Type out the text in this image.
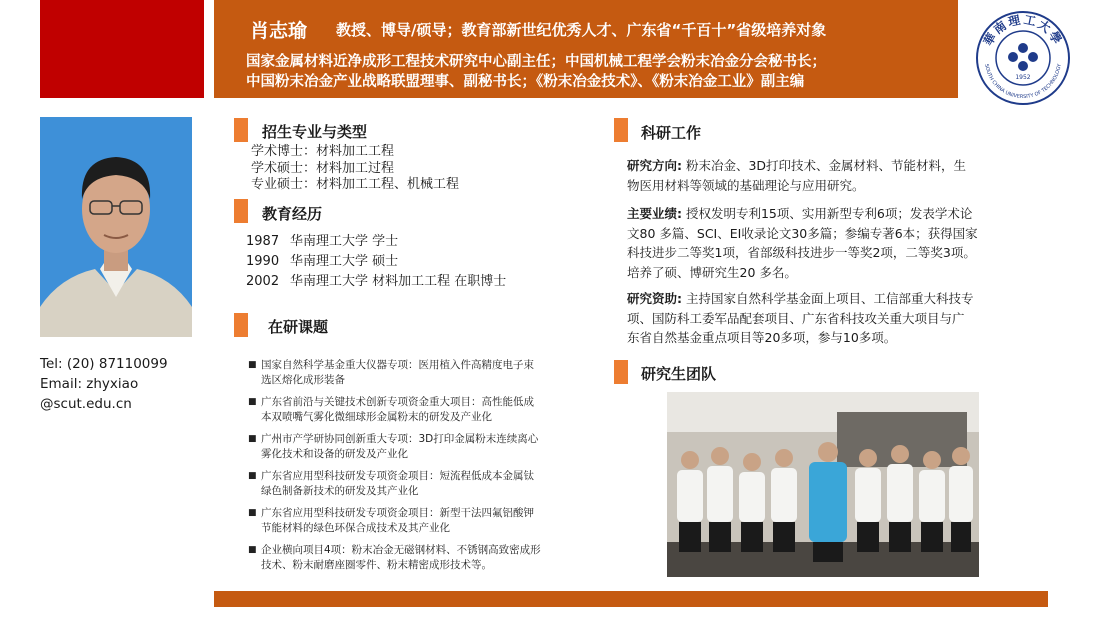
肖志瑜 教授、博导/硕导；教育部新世纪优秀人才、广东省“千百十”省级培养对象
国家金属材料近净成形工程技术研究中心副主任；中国机械工程学会粉末冶金分会秘书长；
中国粉末冶金产业战略联盟理事、副秘书长；《粉末冶金技术》、《粉末冶金工业》副主编
華南理工大學
SOUTH CHINA UNIVERSITY OF TECHNOLOGY
1952
Tel: (20) 87110099
Email: zhyxiao
@scut.edu.cn
招生专业与类型
学术博士：材料加工工程
学术硕士：材料加工过程
专业硕士：材料加工工程、机械工程
教育经历
1987 华南理工大学 学士
1990 华南理工大学 硕士
2002 华南理工大学 材料加工工程 在职博士
在研课题
■ 国家自然科学基金重大仪器专项：医用植入件高精度电子束
选区熔化成形装备
■ 广东省前沿与关键技术创新专项资金重大项目：高性能低成
本双喷嘴气雾化微细球形金属粉末的研发及产业化
■ 广州市产学研协同创新重大专项：3D打印金属粉末连续离心
雾化技术和设备的研发及产业化
■ 广东省应用型科技研发专项资金项目：短流程低成本金属钛
绿色制备新技术的研发及其产业化
■ 广东省应用型科技研发专项资金项目：新型干法四氟铝酸钾
节能材料的绿色环保合成技术及其产业化
■ 企业横向项目4项：粉末冶金无磁钢材料、不锈钢高致密成形
技术、粉末耐磨座圈零件、粉末精密成形技术等。
科研工作
研究方向: 粉末冶金、3D打印技术、金属材料、节能材料，生
物医用材料等领域的基础理论与应用研究。
主要业绩: 授权发明专利15项、实用新型专利6项；发表学术论
文80 多篇、SCI、EI收录论文30多篇；参编专著6本；获得国家
科技进步二等奖1项，省部级科技进步一等奖2项，二等奖3项。
培养了硕、博研究生20 多名。
研究资助: 主持国家自然科学基金面上项目、工信部重大科技专
项、国防科工委军品配套项目、广东省科技攻关重大项目与广
东省自然基金重点项目等20多项，参与10多项。
研究生团队
